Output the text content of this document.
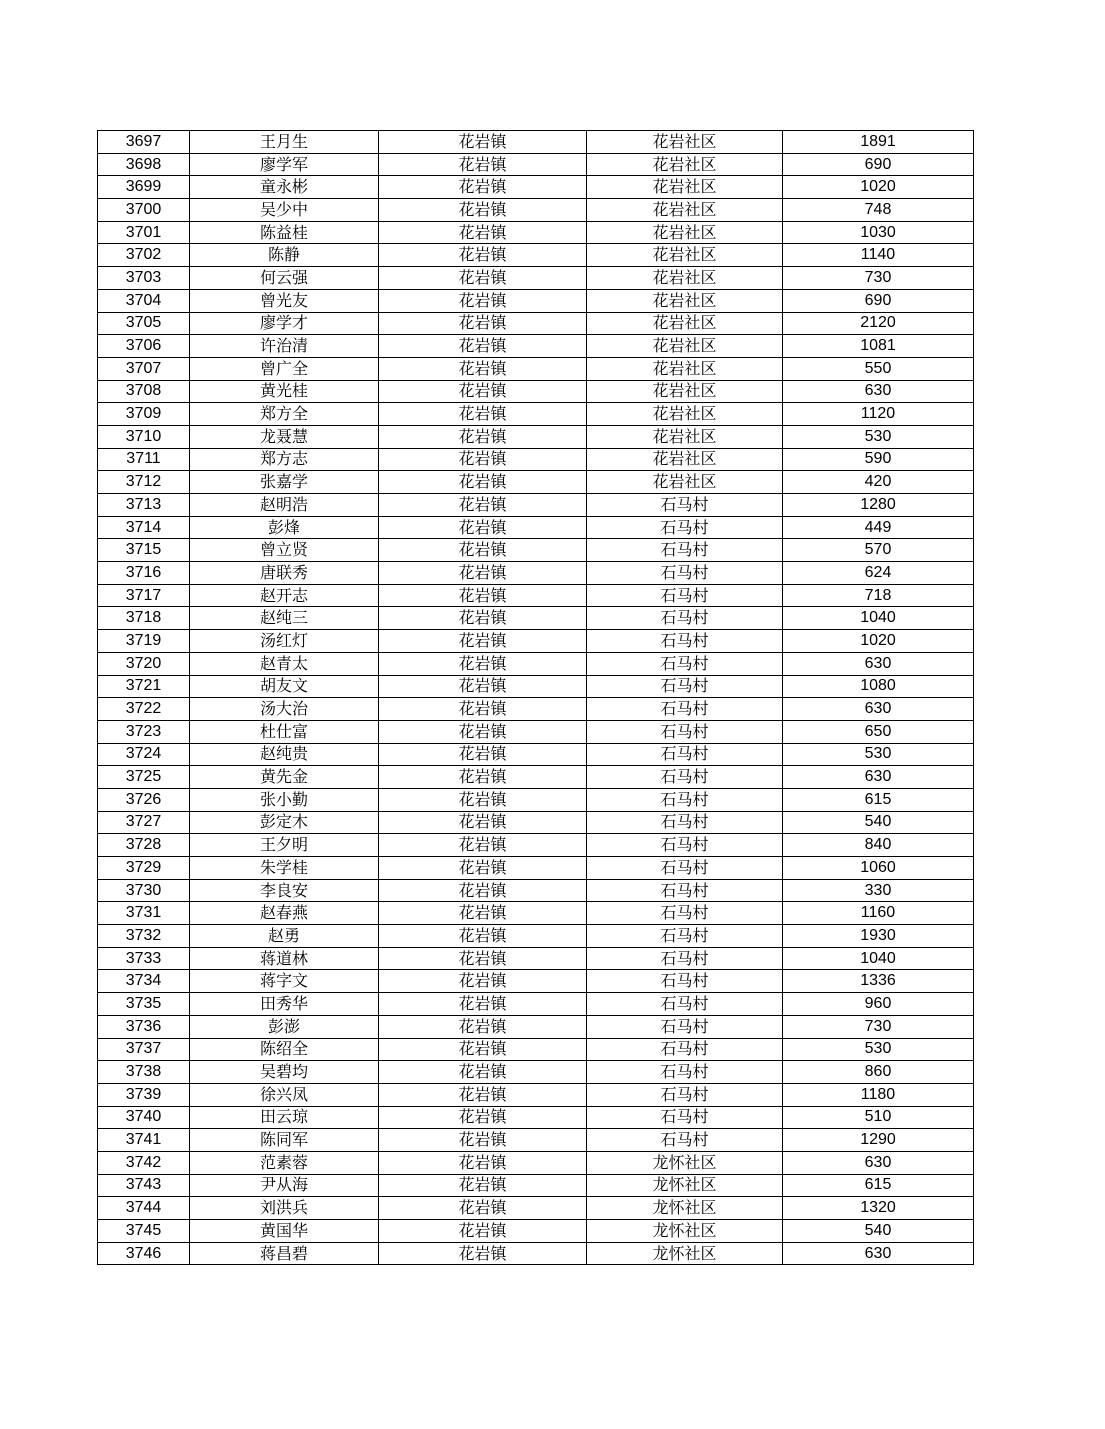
3697	王月生	花岩镇	花岩社区	1891
3698	廖学军	花岩镇	花岩社区	690
3699	童永彬	花岩镇	花岩社区	1020
3700	吴少中	花岩镇	花岩社区	748
3701	陈益桂	花岩镇	花岩社区	1030
3702	陈静	花岩镇	花岩社区	1140
3703	何云强	花岩镇	花岩社区	730
3704	曾光友	花岩镇	花岩社区	690
3705	廖学才	花岩镇	花岩社区	2120
3706	许治清	花岩镇	花岩社区	1081
3707	曾广全	花岩镇	花岩社区	550
3708	黄光桂	花岩镇	花岩社区	630
3709	郑方全	花岩镇	花岩社区	1120
3710	龙聂慧	花岩镇	花岩社区	530
3711	郑方志	花岩镇	花岩社区	590
3712	张嘉学	花岩镇	花岩社区	420
3713	赵明浩	花岩镇	石马村	1280
3714	彭烽	花岩镇	石马村	449
3715	曾立贤	花岩镇	石马村	570
3716	唐联秀	花岩镇	石马村	624
3717	赵开志	花岩镇	石马村	718
3718	赵纯三	花岩镇	石马村	1040
3719	汤红灯	花岩镇	石马村	1020
3720	赵青太	花岩镇	石马村	630
3721	胡友文	花岩镇	石马村	1080
3722	汤大治	花岩镇	石马村	630
3723	杜仕富	花岩镇	石马村	650
3724	赵纯贵	花岩镇	石马村	530
3725	黄先金	花岩镇	石马村	630
3726	张小勤	花岩镇	石马村	615
3727	彭定木	花岩镇	石马村	540
3728	王夕明	花岩镇	石马村	840
3729	朱学桂	花岩镇	石马村	1060
3730	李良安	花岩镇	石马村	330
3731	赵春燕	花岩镇	石马村	1160
3732	赵勇	花岩镇	石马村	1930
3733	蒋道林	花岩镇	石马村	1040
3734	蒋字文	花岩镇	石马村	1336
3735	田秀华	花岩镇	石马村	960
3736	彭澎	花岩镇	石马村	730
3737	陈绍全	花岩镇	石马村	530
3738	吴碧均	花岩镇	石马村	860
3739	徐兴凤	花岩镇	石马村	1180
3740	田云琼	花岩镇	石马村	510
3741	陈同军	花岩镇	石马村	1290
3742	范素蓉	花岩镇	龙怀社区	630
3743	尹从海	花岩镇	龙怀社区	615
3744	刘洪兵	花岩镇	龙怀社区	1320
3745	黄国华	花岩镇	龙怀社区	540
3746	蒋昌碧	花岩镇	龙怀社区	630
